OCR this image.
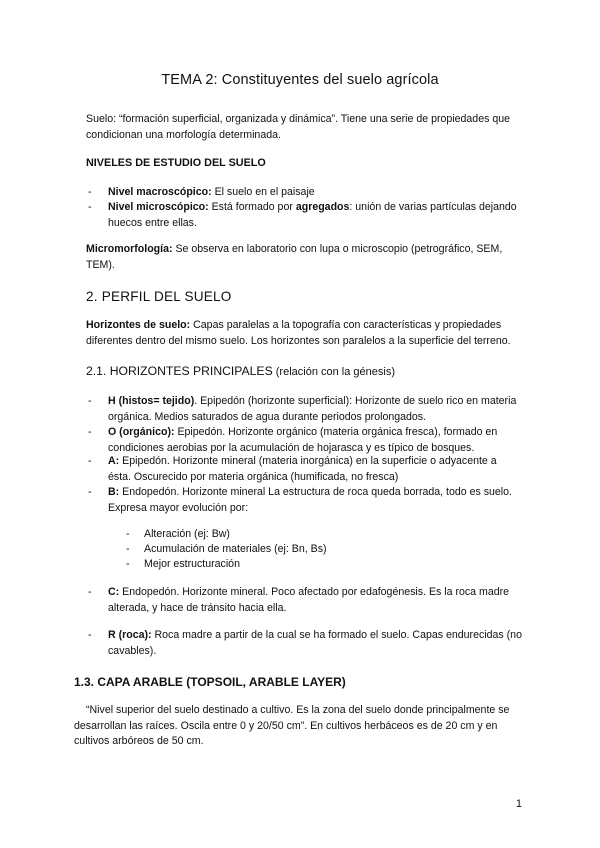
TEMA 2: Constituyentes del suelo agrícola
Suelo: “formación superficial, organizada y dinámica”. Tiene una serie de propiedades que condicionan una morfología determinada.
NIVELES DE ESTUDIO DEL SUELO
-	Nivel macroscópico: El suelo en el paisaje
-	Nivel microscópico: Está formado por agregados: unión de varias partículas dejando huecos entre ellas.
Micromorfología: Se observa en laboratorio con lupa o microscopio (petrográfico, SEM, TEM).
2. PERFIL DEL SUELO
Horizontes de suelo: Capas paralelas a la topografía con características y propiedades diferentes dentro del mismo suelo. Los horizontes son paralelos a la superficie del terreno.
2.1. HORIZONTES PRINCIPALES (relación con la génesis)
-	H (histos= tejido). Epipedón (horizonte superficial): Horizonte de suelo rico en materia orgánica. Medios saturados de agua durante periodos prolongados.
-	O (orgánico): Epipedón. Horizonte orgánico (materia orgánica fresca), formado en condiciones aerobias por la acumulación de hojarasca y es típico de bosques.
-	A: Epipedón. Horizonte mineral (materia inorgánica) en la superficie o adyacente a ésta. Oscurecido por materia orgánica (humificada, no fresca)
-	B: Endopedón. Horizonte mineral La estructura de roca queda borrada, todo es suelo. Expresa mayor evolución por:
-	Alteración (ej: Bw)
-	Acumulación de materiales (ej: Bn, Bs)
-	Mejor estructuración
-	C: Endopedón. Horizonte mineral. Poco afectado por edafogénesis. Es la roca madre alterada, y hace de tránsito hacia ella.
-	R (roca): Roca madre a partir de la cual se ha formado el suelo. Capas endurecidas (no cavables).
1.3. CAPA ARABLE (TOPSOIL, ARABLE LAYER)
“Nivel superior del suelo destinado a cultivo. Es la zona del suelo donde principalmente se desarrollan las raíces. Oscila entre 0 y 20/50 cm”. En cultivos herbáceos es de 20 cm y en cultivos arbóreos de 50 cm.
1
